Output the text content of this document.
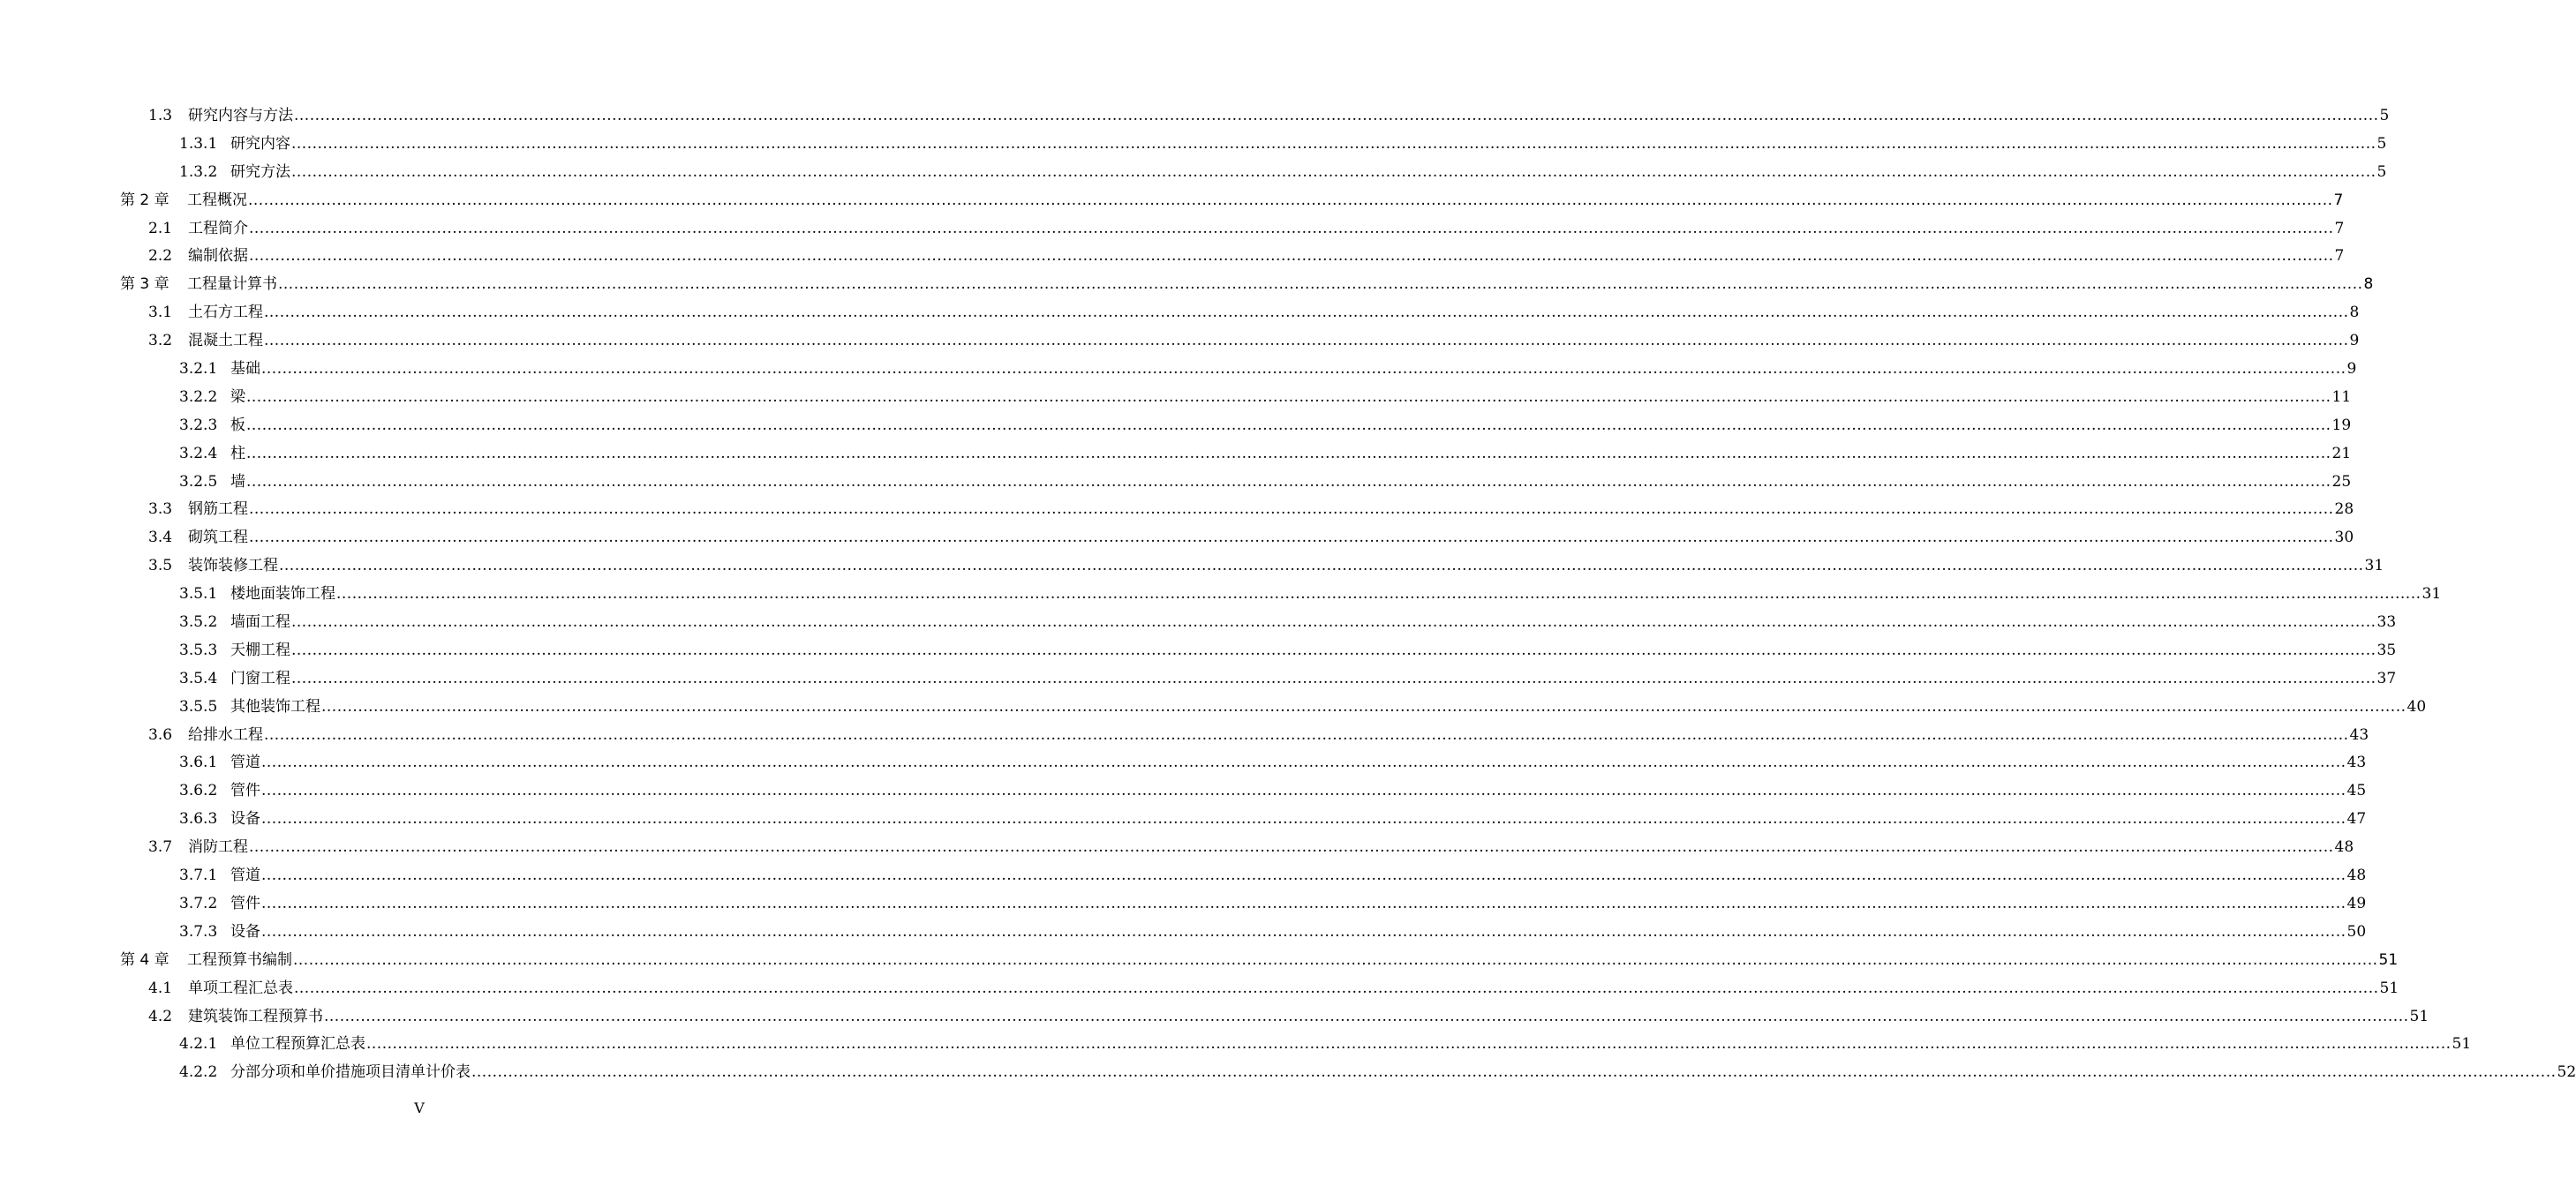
1.3	研究内容与方法 ................................................................................................................................................................................................................................................................................................................................................................................................................ 5
1.3.1 研究内容 ................................................................................................................................................................................................................................................................................................................................................................................................................ 5
1.3.2 研究方法 ................................................................................................................................................................................................................................................................................................................................................................................................................ 5
第 2 章	工程概况 ................................................................................................................................................................................................................................................................................................................................................................................................................ 7
2.1	工程简介 ................................................................................................................................................................................................................................................................................................................................................................................................................ 7
2.2	编制依据 ................................................................................................................................................................................................................................................................................................................................................................................................................ 7
第 3 章	工程量计算书 ................................................................................................................................................................................................................................................................................................................................................................................................................ 8
3.1	土石方工程 ................................................................................................................................................................................................................................................................................................................................................................................................................ 8
3.2	混凝土工程 ................................................................................................................................................................................................................................................................................................................................................................................................................ 9
3.2.1 基础 ................................................................................................................................................................................................................................................................................................................................................................................................................ 9
3.2.2 梁 ................................................................................................................................................................................................................................................................................................................................................................................................................ 11
3.2.3 板 ................................................................................................................................................................................................................................................................................................................................................................................................................ 19
3.2.4 柱 ................................................................................................................................................................................................................................................................................................................................................................................................................ 21
3.2.5 墙 ................................................................................................................................................................................................................................................................................................................................................................................................................ 25
3.3	钢筋工程 ................................................................................................................................................................................................................................................................................................................................................................................................................ 28
3.4	砌筑工程 ................................................................................................................................................................................................................................................................................................................................................................................................................ 30
3.5	装饰装修工程 ................................................................................................................................................................................................................................................................................................................................................................................................................ 31
3.5.1 楼地面装饰工程 ................................................................................................................................................................................................................................................................................................................................................................................................................ 31
3.5.2 墙面工程 ................................................................................................................................................................................................................................................................................................................................................................................................................ 33
3.5.3 天棚工程 ................................................................................................................................................................................................................................................................................................................................................................................................................ 35
3.5.4 门窗工程 ................................................................................................................................................................................................................................................................................................................................................................................................................ 37
3.5.5 其他装饰工程 ................................................................................................................................................................................................................................................................................................................................................................................................................ 40
3.6	给排水工程 ................................................................................................................................................................................................................................................................................................................................................................................................................ 43
3.6.1 管道 ................................................................................................................................................................................................................................................................................................................................................................................................................ 43
3.6.2 管件 ................................................................................................................................................................................................................................................................................................................................................................................................................ 45
3.6.3 设备 ................................................................................................................................................................................................................................................................................................................................................................................................................ 47
3.7	消防工程 ................................................................................................................................................................................................................................................................................................................................................................................................................ 48
3.7.1 管道 ................................................................................................................................................................................................................................................................................................................................................................................................................ 48
3.7.2 管件 ................................................................................................................................................................................................................................................................................................................................................................................................................ 49
3.7.3 设备 ................................................................................................................................................................................................................................................................................................................................................................................................................ 50
第 4 章	工程预算书编制 ................................................................................................................................................................................................................................................................................................................................................................................................................ 51
4.1	单项工程汇总表 ................................................................................................................................................................................................................................................................................................................................................................................................................ 51
4.2	建筑装饰工程预算书 ................................................................................................................................................................................................................................................................................................................................................................................................................ 51
4.2.1 单位工程预算汇总表 ................................................................................................................................................................................................................................................................................................................................................................................................................ 51
4.2.2 分部分项和单价措施项目清单计价表 ................................................................................................................................................................................................................................................................................................................................................................................................................ 52
V
